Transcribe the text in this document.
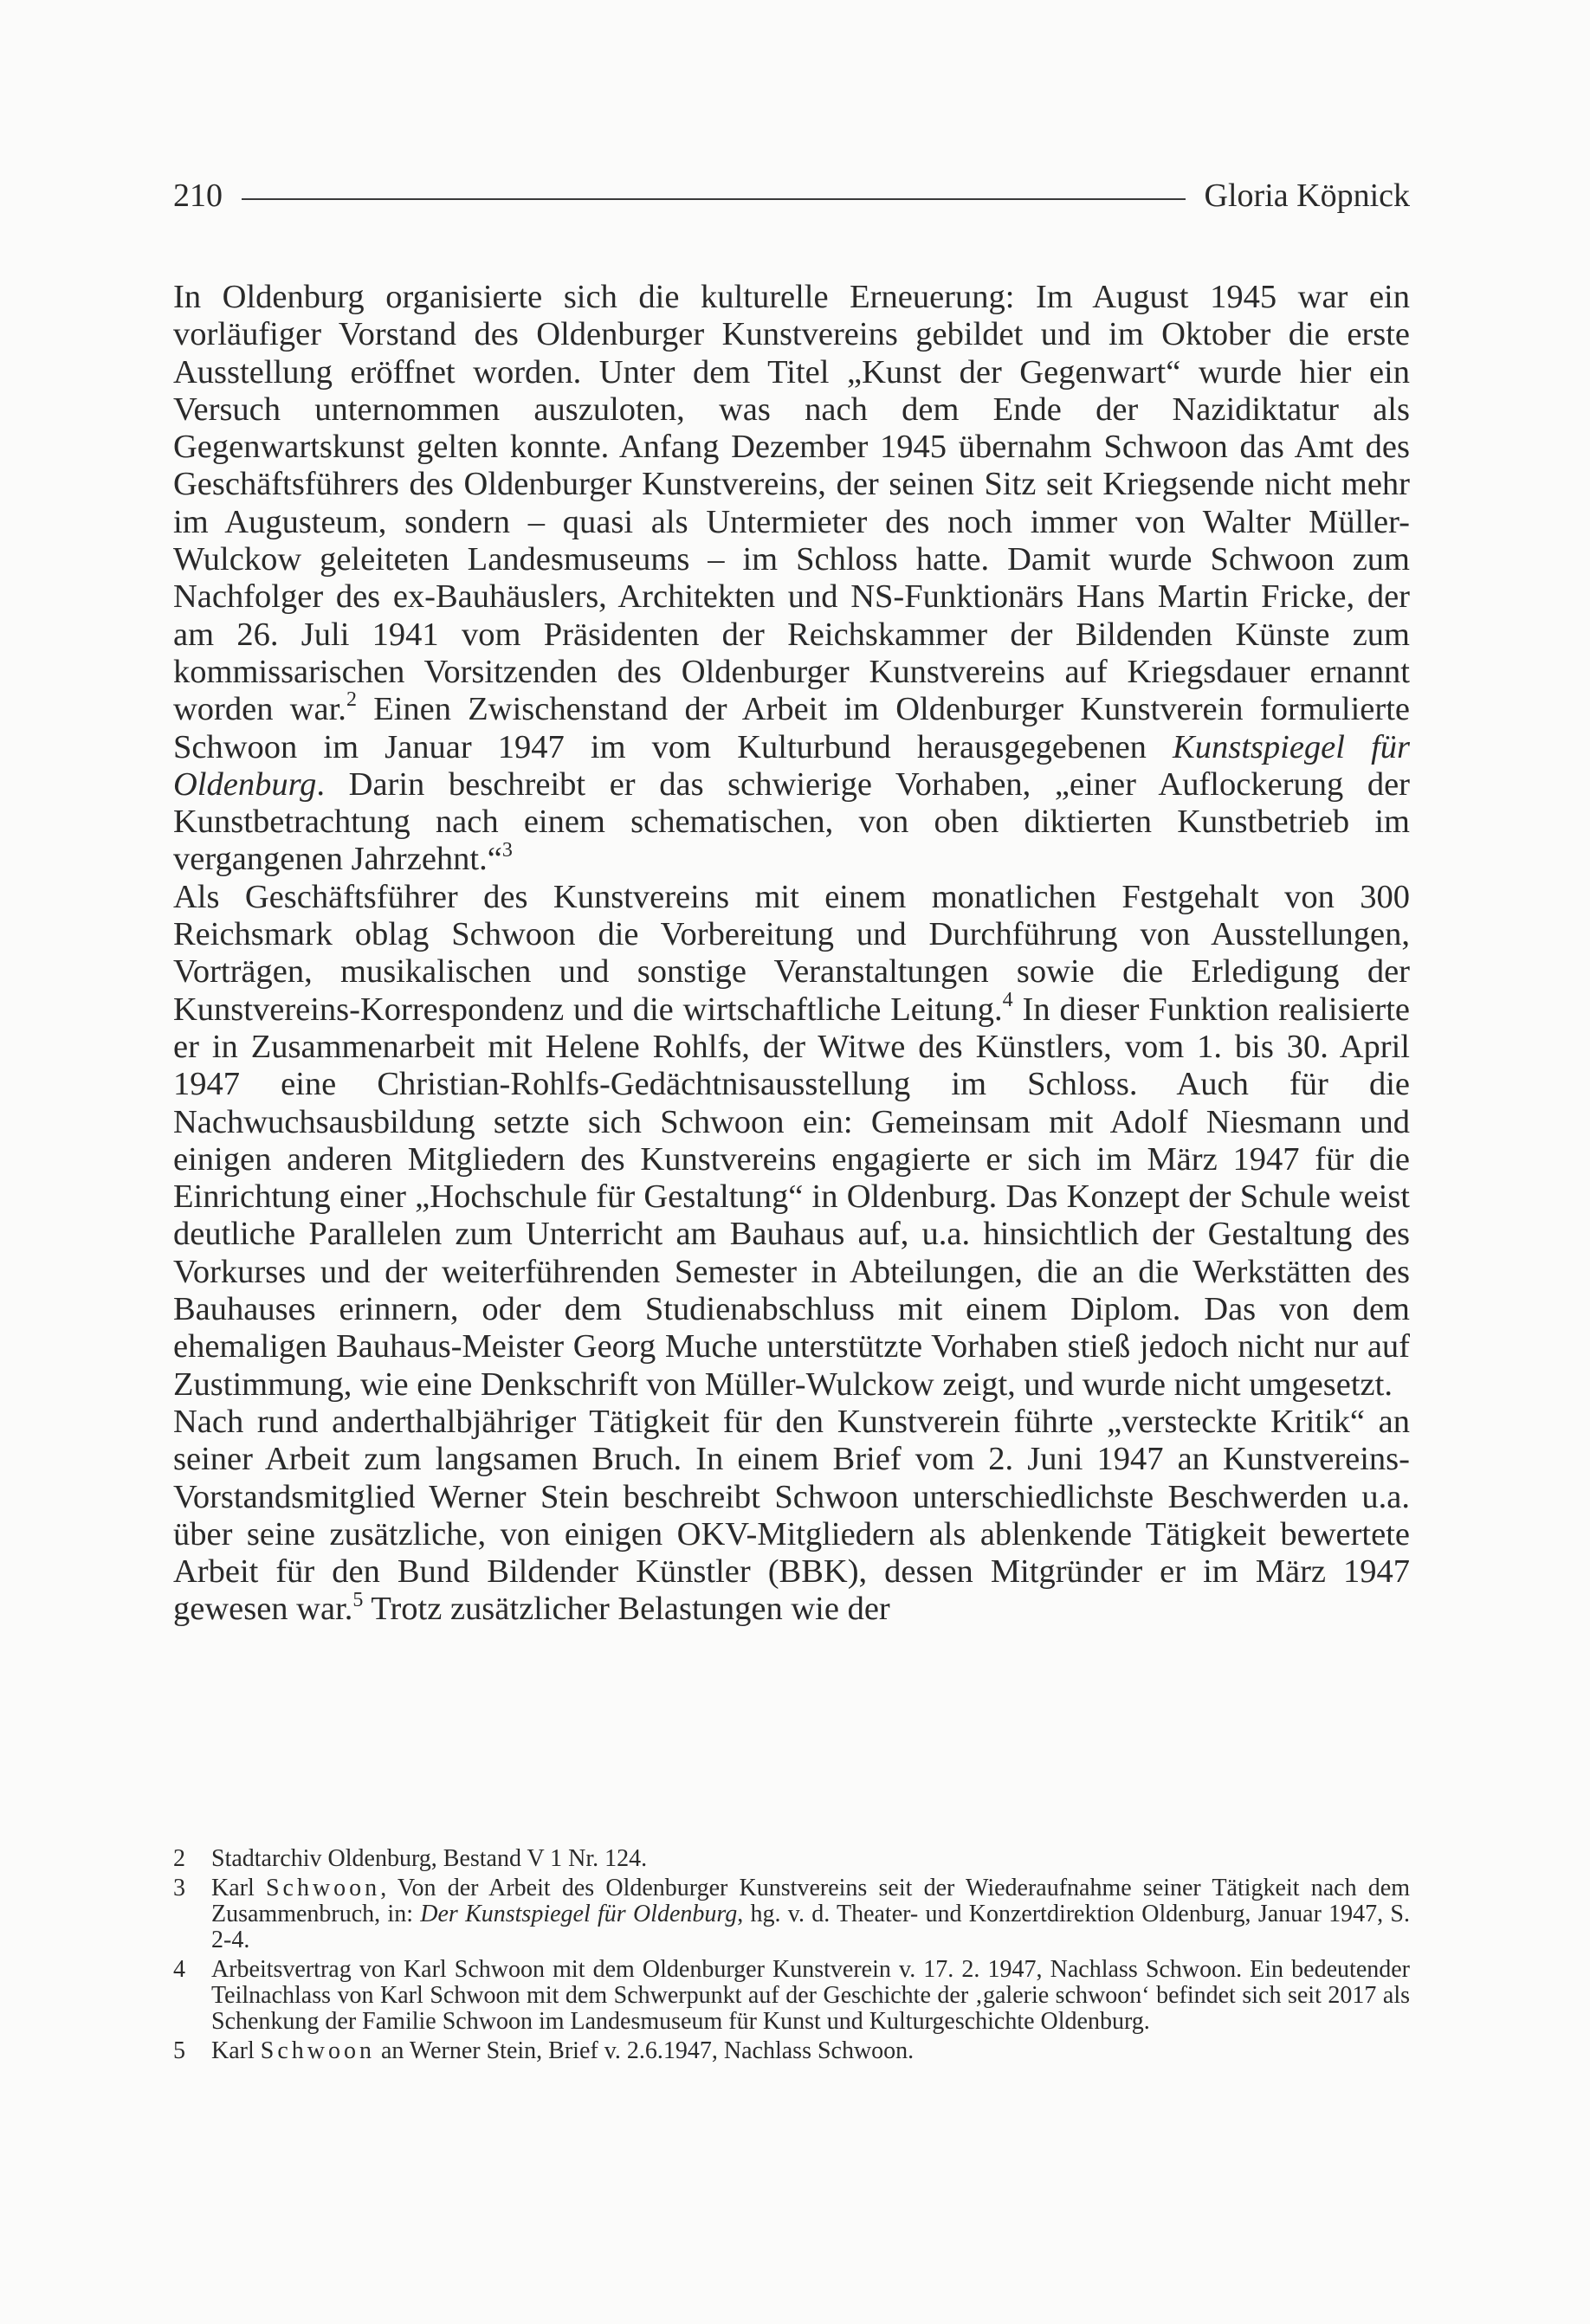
210	Gloria Köpnick

In Oldenburg organisierte sich die kulturelle Erneuerung: Im August 1945 war ein vorläufiger Vorstand des Oldenburger Kunstvereins gebildet und im Oktober die erste Ausstellung eröffnet worden. Unter dem Titel „Kunst der Gegenwart“ wurde hier ein Versuch unternommen auszuloten, was nach dem Ende der Nazidiktatur als Gegenwartskunst gelten konnte. Anfang Dezember 1945 übernahm Schwoon das Amt des Geschäftsführers des Oldenburger Kunstvereins, der seinen Sitz seit Kriegsende nicht mehr im Augusteum, sondern – quasi als Untermieter des noch immer von Walter Müller-Wulckow geleiteten Landesmuseums – im Schloss hatte. Damit wurde Schwoon zum Nachfolger des ex-Bauhäuslers, Architekten und NS-Funktionärs Hans Martin Fricke, der am 26. Juli 1941 vom Präsidenten der Reichskammer der Bildenden Künste zum kommissarischen Vorsitzenden des Oldenburger Kunstvereins auf Kriegsdauer ernannt worden war.$^2$ Einen Zwischenstand der Arbeit im Oldenburger Kunstverein formulierte Schwoon im Januar 1947 im vom Kulturbund herausgegebenen Kunstspiegel für Oldenburg. Darin beschreibt er das schwierige Vorhaben, „einer Auflockerung der Kunstbetrachtung nach einem schematischen, von oben diktierten Kunstbetrieb im vergangenen Jahrzehnt.“$^3$

Als Geschäftsführer des Kunstvereins mit einem monatlichen Festgehalt von 300 Reichsmark oblag Schwoon die Vorbereitung und Durchführung von Ausstellungen, Vorträgen, musikalischen und sonstige Veranstaltungen sowie die Erledigung der Kunstvereins-Korrespondenz und die wirtschaftliche Leitung.$^4$ In dieser Funktion realisierte er in Zusammenarbeit mit Helene Rohlfs, der Witwe des Künstlers, vom 1. bis 30. April 1947 eine Christian-Rohlfs-Gedächtnisausstellung im Schloss. Auch für die Nachwuchsausbildung setzte sich Schwoon ein: Gemeinsam mit Adolf Niesmann und einigen anderen Mitgliedern des Kunstvereins engagierte er sich im März 1947 für die Einrichtung einer „Hochschule für Gestaltung“ in Oldenburg. Das Konzept der Schule weist deutliche Parallelen zum Unterricht am Bauhaus auf, u.a. hinsichtlich der Gestaltung des Vorkurses und der weiterführenden Semester in Abteilungen, die an die Werkstätten des Bauhauses erinnern, oder dem Studienabschluss mit einem Diplom. Das von dem ehemaligen Bauhaus-Meister Georg Muche unterstützte Vorhaben stieß jedoch nicht nur auf Zustimmung, wie eine Denkschrift von Müller-Wulckow zeigt, und wurde nicht umgesetzt.

Nach rund anderthalbjähriger Tätigkeit für den Kunstverein führte „versteckte Kritik“ an seiner Arbeit zum langsamen Bruch. In einem Brief vom 2. Juni 1947 an Kunstvereins-Vorstandsmitglied Werner Stein beschreibt Schwoon unterschiedlichste Beschwerden u.a. über seine zusätzliche, von einigen OKV-Mitgliedern als ablenkende Tätigkeit bewertete Arbeit für den Bund Bildender Künstler (BBK), dessen Mitgründer er im März 1947 gewesen war.$^5$ Trotz zusätzlicher Belastungen wie der

2	Stadtarchiv Oldenburg, Bestand V 1 Nr. 124.
3	Karl Schwoon, Von der Arbeit des Oldenburger Kunstvereins seit der Wiederaufnahme seiner Tätigkeit nach dem Zusammenbruch, in: Der Kunstspiegel für Oldenburg, hg. v. d. Theater- und Konzertdirektion Oldenburg, Januar 1947, S. 2-4.
4	Arbeitsvertrag von Karl Schwoon mit dem Oldenburger Kunstverein v. 17. 2. 1947, Nachlass Schwoon. Ein bedeutender Teilnachlass von Karl Schwoon mit dem Schwerpunkt auf der Geschichte der ‚galerie schwoon‘ befindet sich seit 2017 als Schenkung der Familie Schwoon im Landesmuseum für Kunst und Kulturgeschichte Oldenburg.
5	Karl Schwoon an Werner Stein, Brief v. 2.6.1947, Nachlass Schwoon.
